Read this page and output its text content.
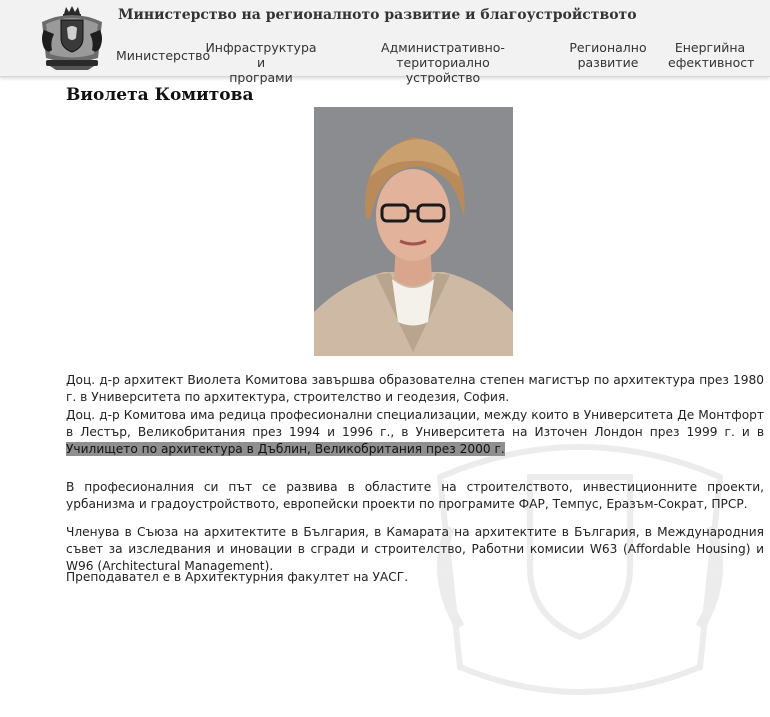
Министерство на регионалното развитие и благоустройството
Министерство
Инфраструктура и
програми
Административно-териториално
устройство
Регионално
развитие
Енергийна
ефективност
Виолета Комитова

Доц. д-р архитект Виолета Комитова завършва образователна степен магистър по архитектура през 1980 г. в Университета по архитектура, строителство и геодезия, София.

Доц. д-р Комитова има редица професионални специализации, между които в Университета Де Монтфорт в Лестър, Великобритания през 1994 и 1996 г., в Университета на Източен Лондон през 1999 г. и в Училището по архитектура в Дъблин, Великобритания през 2000 г.

В професионалния си път се развива в областите на строителството, инвестиционните проекти, урбанизма и градоустройството, европейски проекти по програмите ФАР, Темпус, Еразъм-Сократ, ПРСР.

Членува в Съюза на архитектите в България, в Камарата на архитектите в България, в Международния съвет за изследвания и иновации в сгради и строителство, Работни комисии W63 (Affordable Housing) и W96 (Architectural Management).

Преподавател е в Архитектурния факултет на УАСГ.
